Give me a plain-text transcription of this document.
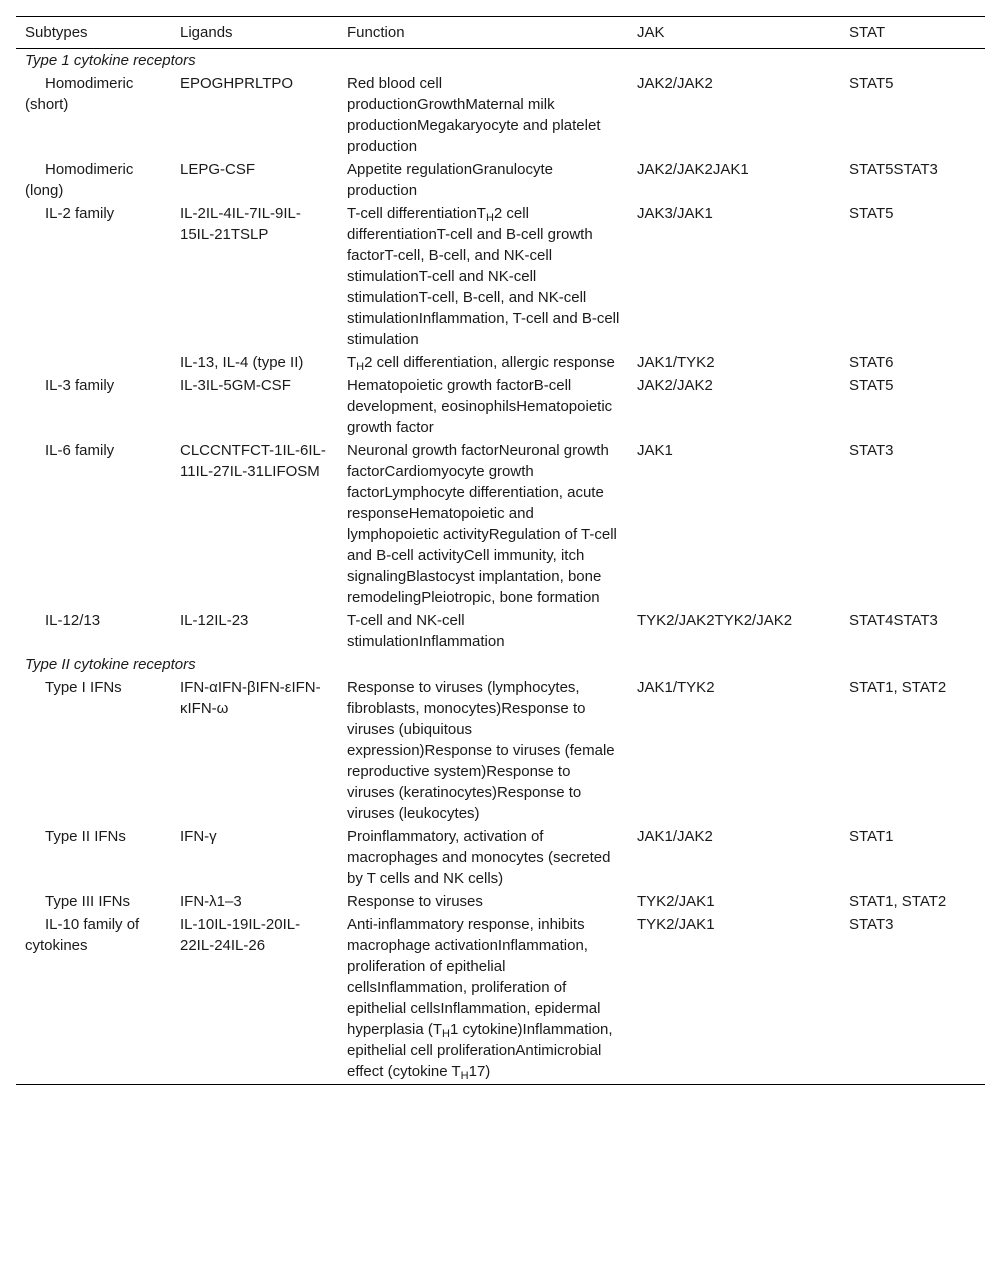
Subtypes	Ligands	Function	JAK	STAT
Type 1 cytokine receptors				
Homodimeric (short)	EPOGHPRLTPO	Red blood cell productionGrowthMaternal milk productionMegakaryocyte and platelet production	JAK2/JAK2	STAT5
Homodimeric (long)	LEPG-CSF	Appetite regulationGranulocyte production	JAK2/JAK2JAK1	STAT5STAT3
IL-2 family	IL-2IL-4IL-7IL-9IL-15IL-21TSLP	T-cell differentiationT$_H$2 cell differentiationT-cell and B-cell growth factorT-cell, B-cell, and NK-cell stimulationT-cell and NK-cell stimulationT-cell, B-cell, and NK-cell stimulationInflammation, T-cell and B-cell stimulation	JAK3/JAK1	STAT5
	IL-13, IL-4 (type II)	$T_H2$ cell differentiation, allergic response	JAK1/TYK2	STAT6
IL-3 family	IL-3IL-5GM-CSF	Hematopoietic growth factorB-cell development, eosinophilsHematopoietic growth factor	JAK2/JAK2	STAT5
IL-6 family	CLCCNTFCT-1IL-6IL-11IL-27IL-31LIFOSM	Neuronal growth factorNeuronal growth factorCardiomyocyte growth factorLymphocyte differentiation, acute responseHematopoietic and lymphopoietic activityRegulation of T-cell and B-cell activityCell immunity, itch signalingBlastocyst implantation, bone remodelingPleiotropic, bone formation	JAK1	STAT3
IL-12/13	IL-12IL-23	T-cell and NK-cell stimulationInflammation	TYK2/JAK2TYK2/JAK2	STAT4STAT3
Type II cytokine receptors				
Type I IFNs	IFN-αIFN-βIFN-εIFN-κIFN-ω	Response to viruses (lymphocytes, fibroblasts, monocytes)Response to viruses (ubiquitous expression)Response to viruses (female reproductive system)Response to viruses (keratinocytes)Response to viruses (leukocytes)	JAK1/TYK2	STAT1, STAT2
Type II IFNs	IFN-γ	Proinflammatory, activation of macrophages and monocytes (secreted by T cells and NK cells)	JAK1/JAK2	STAT1
Type III IFNs	IFN-λ1–3	Response to viruses	TYK2/JAK1	STAT1, STAT2
IL-10 family of cytokines	IL-10IL-19IL-20IL-22IL-24IL-26	Anti-inflammatory response, inhibits macrophage activationInflammation, proliferation of epithelial cellsInflammation, proliferation of epithelial cellsInflammation, epidermal hyperplasia ($T_H1$ cytokine)Inflammation, epithelial cell proliferationAntimicrobial effect (cytokine $T_H17$)	TYK2/JAK1	STAT3
